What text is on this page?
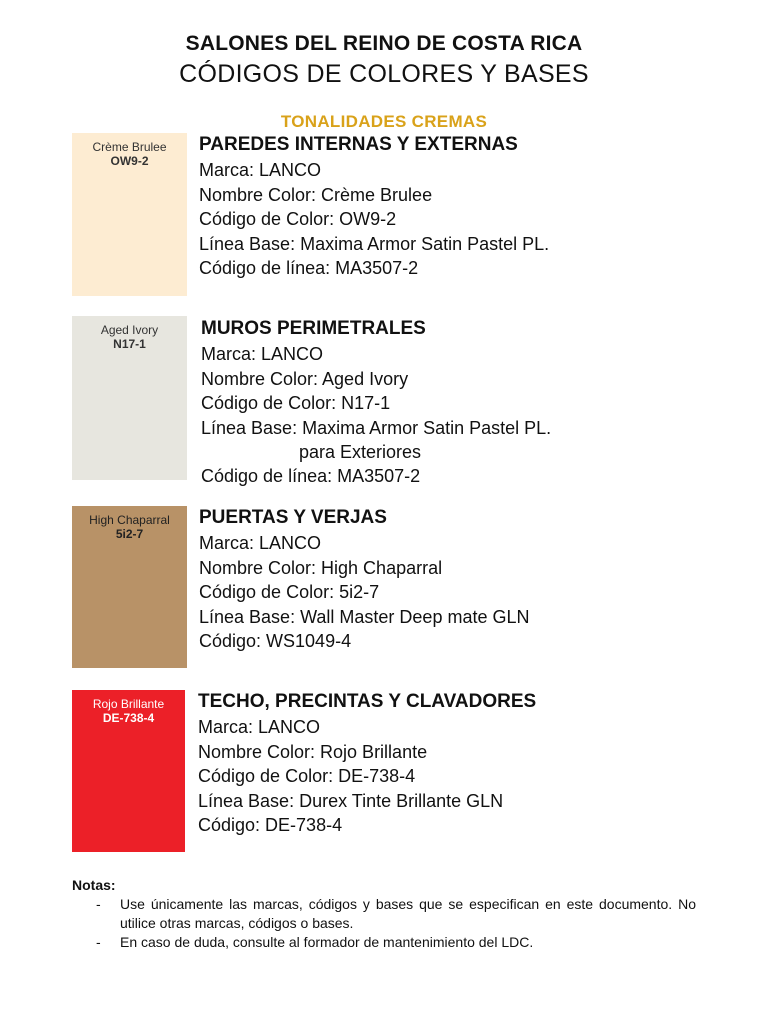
SALONES DEL REINO DE COSTA RICA
CÓDIGOS DE COLORES Y BASES
TONALIDADES CREMAS
Crème Brulee
OW9-2
PAREDES INTERNAS Y EXTERNAS
Marca: LANCO
Nombre Color: Crème Brulee
Código de Color: OW9-2
Línea Base: Maxima Armor Satin Pastel PL.
Código de línea: MA3507-2
Aged Ivory
N17-1
MUROS PERIMETRALES
Marca: LANCO
Nombre Color: Aged Ivory
Código de Color: N17-1
Línea Base: Maxima Armor Satin Pastel PL.
para Exteriores
Código de línea: MA3507-2
High Chaparral
5i2-7
PUERTAS Y VERJAS
Marca: LANCO
Nombre Color: High Chaparral
Código de Color: 5i2-7
Línea Base: Wall Master Deep mate GLN
Código: WS1049-4
Rojo Brillante
DE-738-4
TECHO, PRECINTAS Y CLAVADORES
Marca: LANCO
Nombre Color: Rojo Brillante
Código de Color: DE-738-4
Línea Base: Durex Tinte Brillante GLN
Código: DE-738-4
Notas:
- Use únicamente las marcas, códigos y bases que se especifican en este documento. No utilice otras marcas, códigos o bases.
- En caso de duda, consulte al formador de mantenimiento del LDC.
